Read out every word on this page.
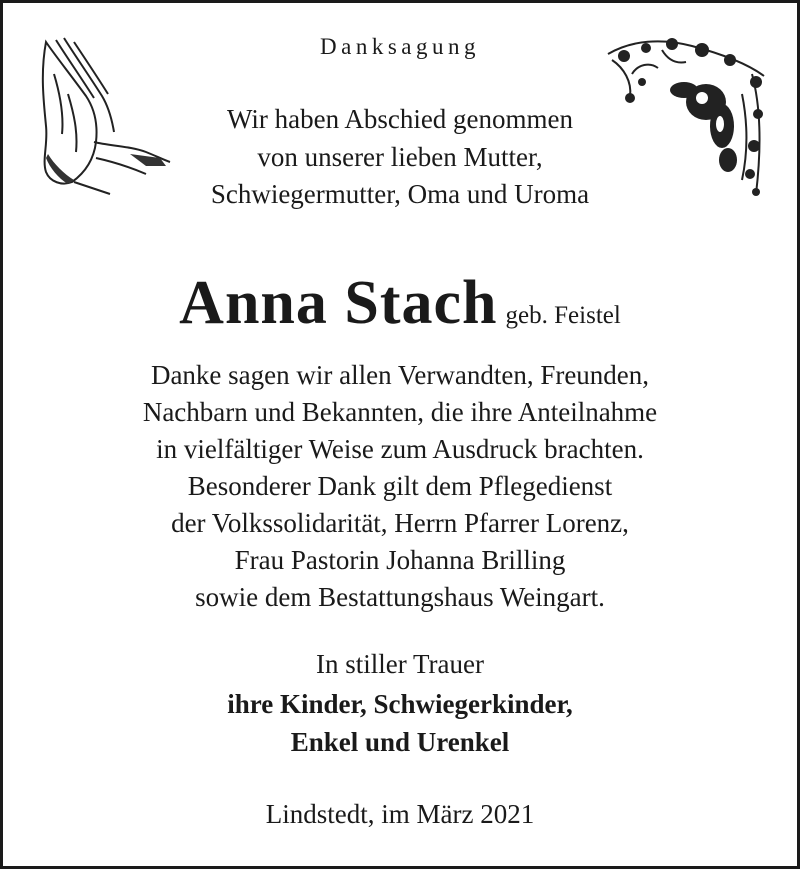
Danksagung
Wir haben Abschied genommen
von unserer lieben Mutter,
Schwiegermutter, Oma und Uroma
Anna Stach geb. Feistel
Danke sagen wir allen Verwandten, Freunden,
Nachbarn und Bekannten, die ihre Anteilnahme
in vielfältiger Weise zum Ausdruck brachten.
Besonderer Dank gilt dem Pflegedienst
der Volkssolidarität, Herrn Pfarrer Lorenz,
Frau Pastorin Johanna Brilling
sowie dem Bestattungshaus Weingart.
In stiller Trauer
ihre Kinder, Schwiegerkinder,
Enkel und Urenkel
Lindstedt, im März 2021
